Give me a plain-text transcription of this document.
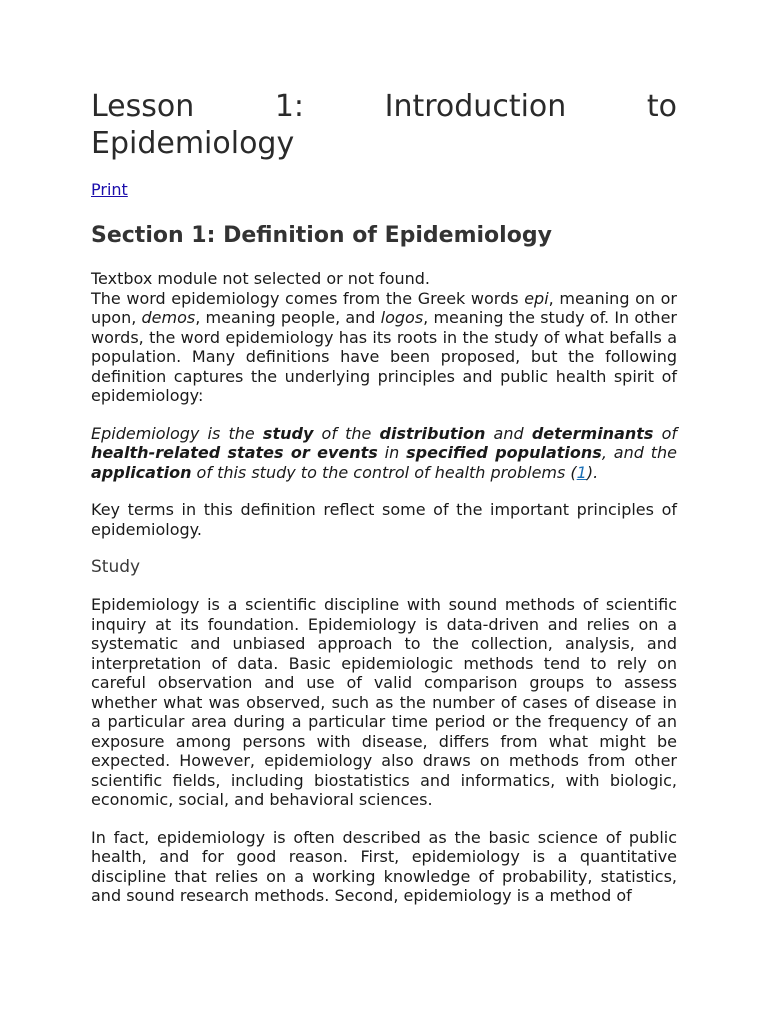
Lesson	1:	Introduction	to
Epidemiology
Print
Section 1: Definition of Epidemiology

Textbox module not selected or not found.

The word epidemiology comes from the Greek words epi, meaning on or upon, demos, meaning people, and logos, meaning the study of. In other words, the word epidemiology has its roots in the study of what befalls a population. Many definitions have been proposed, but the following definition captures the underlying principles and public health spirit of epidemiology:

Epidemiology is the study of the distribution and determinants of health-related states or events in specified populations, and the application of this study to the control of health problems (1).

Key terms in this definition reflect some of the important principles of epidemiology.

Study

Epidemiology is a scientific discipline with sound methods of scientific inquiry at its foundation. Epidemiology is data-driven and relies on a systematic and unbiased approach to the collection, analysis, and interpretation of data. Basic epidemiologic methods tend to rely on careful observation and use of valid comparison groups to assess whether what was observed, such as the number of cases of disease in a particular area during a particular time period or the frequency of an exposure among persons with disease, differs from what might be expected. However, epidemiology also draws on methods from other scientific fields, including biostatistics and informatics, with biologic, economic, social, and behavioral sciences.

In fact, epidemiology is often described as the basic science of public health, and for good reason. First, epidemiology is a quantitative discipline that relies on a working knowledge of probability, statistics, and sound research methods. Second, epidemiology is a method of
